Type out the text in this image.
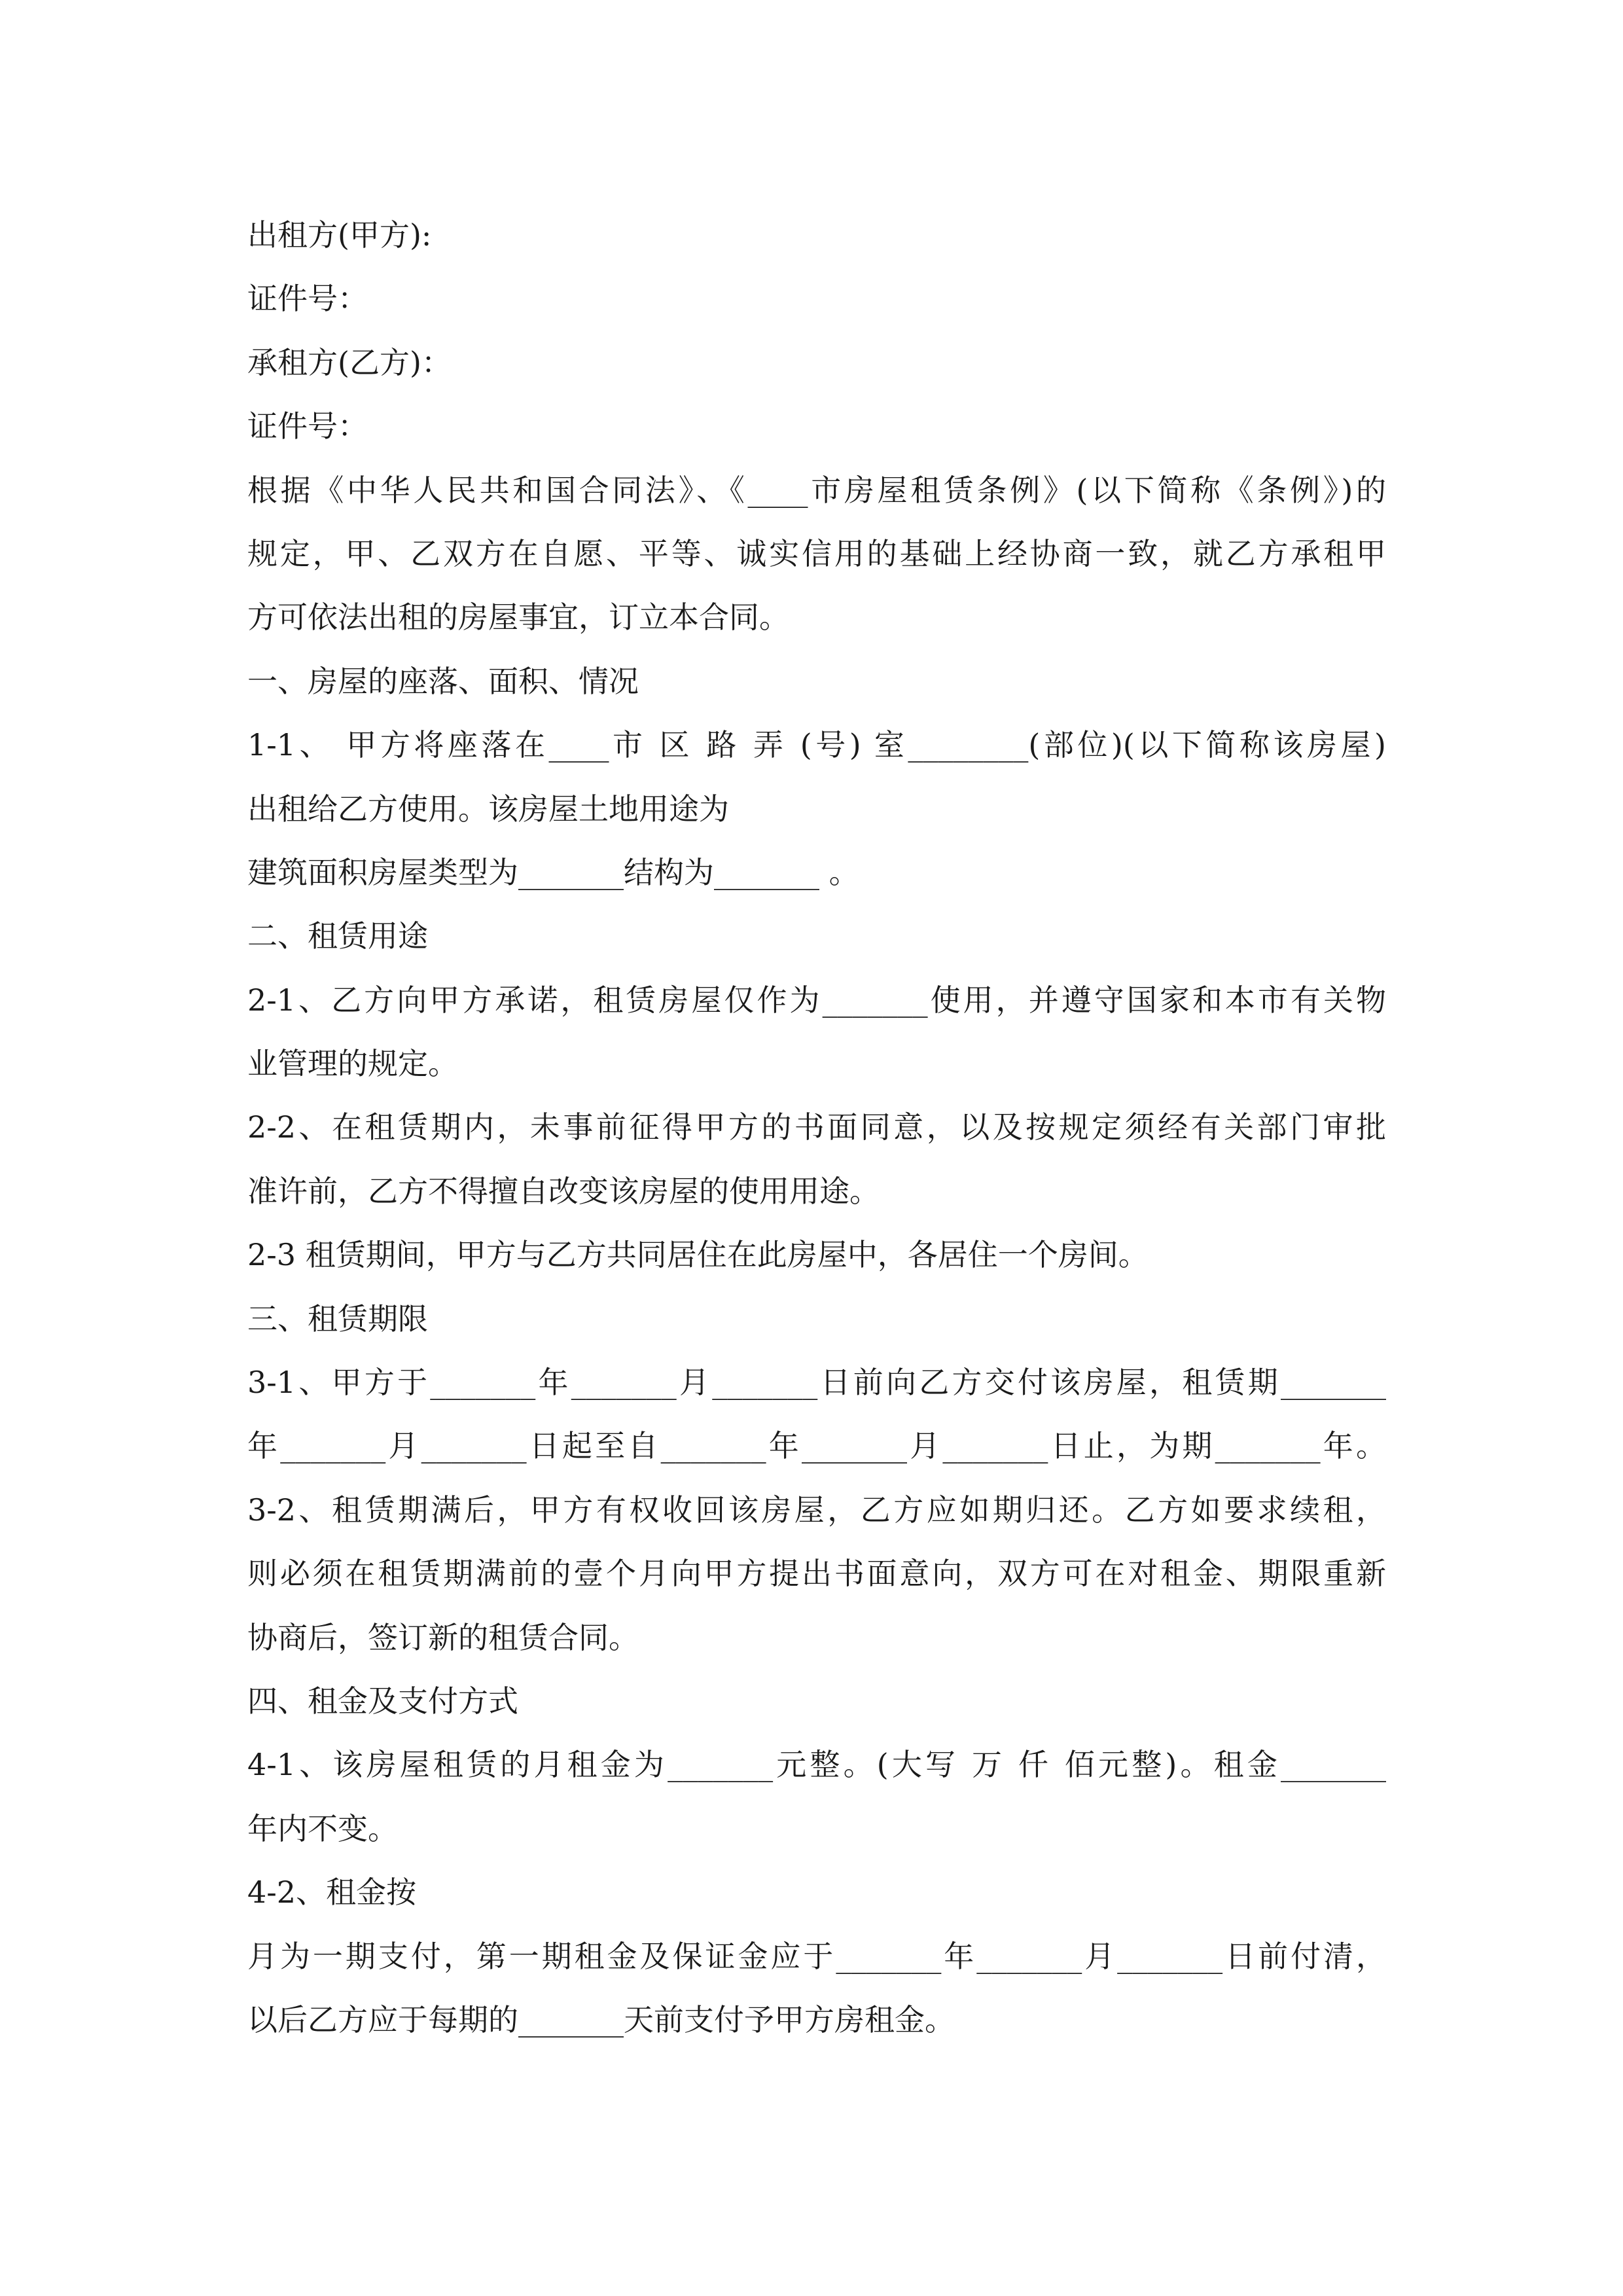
出租方(甲方):
证件号：
承租方(乙方)：
证件号：
根据《中华人民共和国合同法》、《____市房屋租赁条例》(以下简称《条例》)的
规定，甲、乙双方在自愿、平等、诚实信用的基础上经协商一致，就乙方承租甲
方可依法出租的房屋事宜，订立本合同。
一、房屋的座落、面积、情况
1-1、 甲方将座落在____市 区 路 弄 (号) 室________(部位)(以下简称该房屋)
出租给乙方使用。该房屋土地用途为
建筑面积房屋类型为_______结构为_______ 。
二、租赁用途
2-1、乙方向甲方承诺，租赁房屋仅作为_______使用，并遵守国家和本市有关物
业管理的规定。
2-2、在租赁期内，未事前征得甲方的书面同意，以及按规定须经有关部门审批
准许前，乙方不得擅自改变该房屋的使用用途。
2-3 租赁期间，甲方与乙方共同居住在此房屋中，各居住一个房间。
三、租赁期限
3-1、甲方于_______年_______月_______日前向乙方交付该房屋，租赁期_______
年_______月_______日起至自_______年_______月_______日止，为期_______年。
3-2、租赁期满后，甲方有权收回该房屋，乙方应如期归还。乙方如要求续租，
则必须在租赁期满前的壹个月向甲方提出书面意向，双方可在对租金、期限重新
协商后，签订新的租赁合同。
四、租金及支付方式
4-1、该房屋租赁的月租金为_______元整。(大写 万 仟 佰元整)。租金_______
年内不变。
4-2、租金按
月为一期支付，第一期租金及保证金应于_______年_______月_______日前付清，
以后乙方应于每期的_______天前支付予甲方房租金。
